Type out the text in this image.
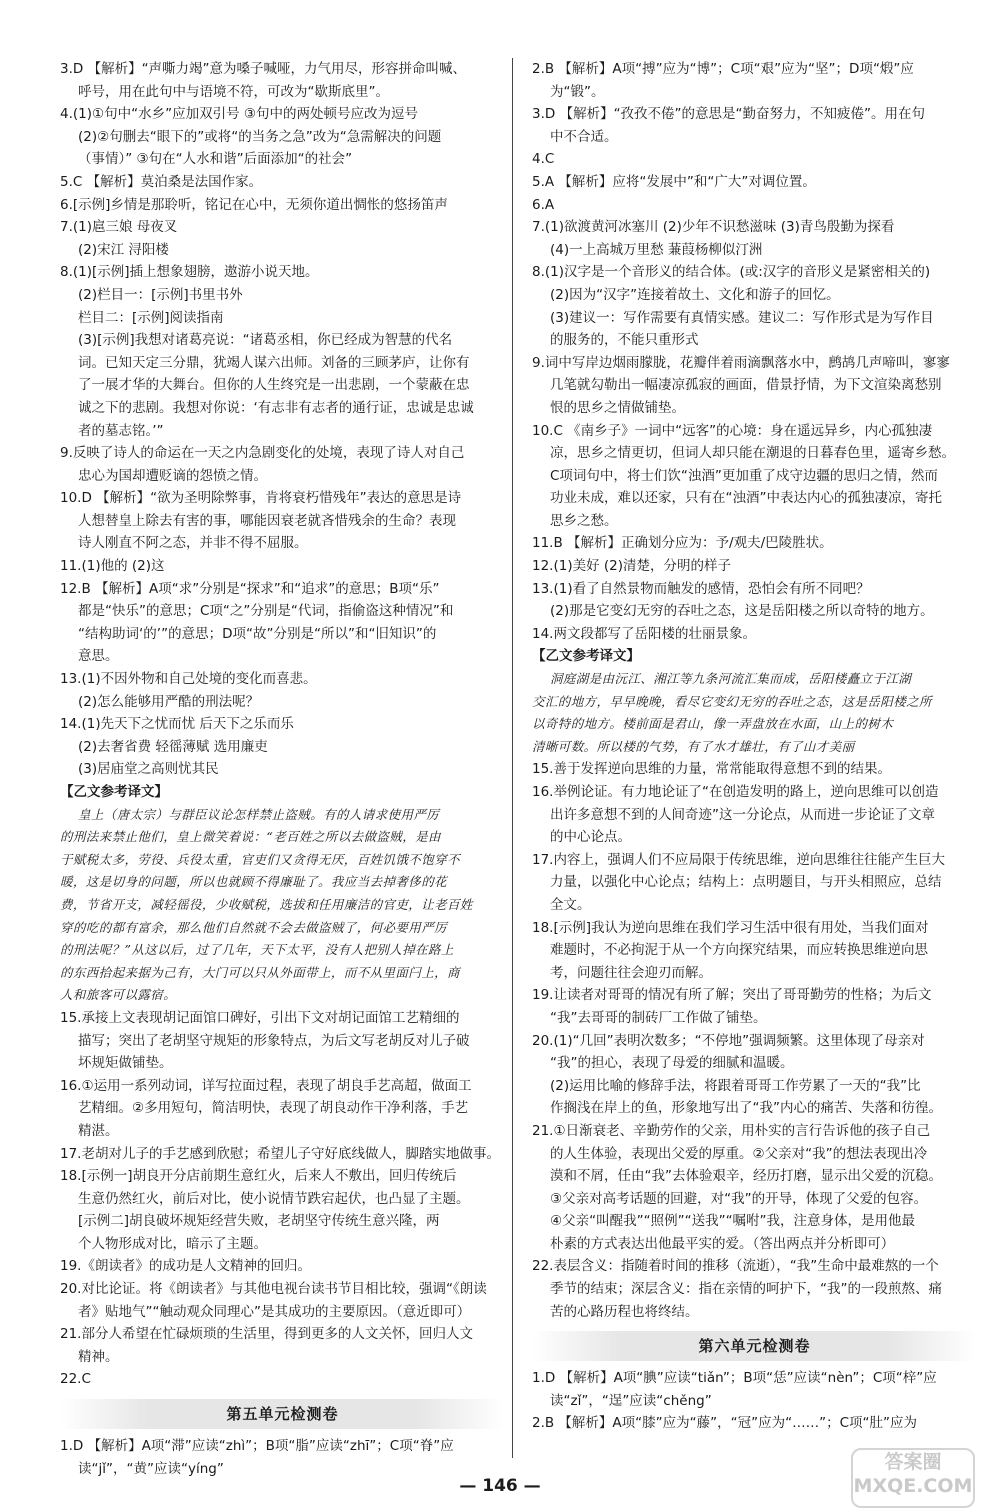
3.D 【解析】“声嘶力竭”意为嗓子喊哑，力气用尽，形容拼命叫喊、
呼号，用在此句中与语境不符，可改为“歇斯底里”。
4.(1)①句中“水乡”应加双引号 ③句中的两处顿号应改为逗号
(2)②句删去“眼下的”或将“的当务之急”改为“急需解决的问题
（事情）” ③句在“人水和谐”后面添加“的社会”
5.C 【解析】莫泊桑是法国作家。
6.[示例]乡情是那聆听，铭记在心中，无须你道出惆怅的悠扬笛声
7.(1)扈三娘 母夜叉
(2)宋江 浔阳楼
8.(1)[示例]插上想象翅膀，遨游小说天地。
(2)栏目一：[示例]书里书外
栏目二：[示例]阅读指南
(3)[示例]我想对诸葛亮说：“诸葛丞相，你已经成为智慧的代名
词。已知天定三分鼎，犹竭人谋六出师。刘备的三顾茅庐，让你有
了一展才华的大舞台。但你的人生终究是一出悲剧，一个蒙蔽在忠
诚之下的悲剧。我想对你说：‘有志非有志者的通行证，忠诚是忠诚
者的墓志铭。’”
9.反映了诗人的命运在一天之内急剧变化的处境，表现了诗人对自己
忠心为国却遭贬谪的怨愤之情。
10.D 【解析】“欲为圣明除弊事，肯将衰朽惜残年”表达的意思是诗
人想替皇上除去有害的事，哪能因衰老就吝惜残余的生命？表现
诗人刚直不阿之态，并非不得不屈服。
11.(1)他的 (2)这
12.B 【解析】A项“求”分别是“探求”和“追求”的意思；B项“乐”
都是“快乐”的意思；C项“之”分别是“代词，指偷盗这种情况”和
“结构助词‘的’”的意思；D项“故”分别是“所以”和“旧知识”的
意思。
13.(1)不因外物和自己处境的变化而喜悲。
(2)怎么能够用严酷的刑法呢？
14.(1)先天下之忧而忧 后天下之乐而乐
(2)去奢省费 轻徭薄赋 选用廉吏
(3)居庙堂之高则忧其民
【乙文参考译文】
皇上（唐太宗）与群臣议论怎样禁止盗贼。有的人请求使用严厉
的刑法来禁止他们，皇上微笑着说：“老百姓之所以去做盗贼，是由
于赋税太多，劳役、兵役太重，官吏们又贪得无厌，百姓饥饿不饱穿不
暖，这是切身的问题，所以也就顾不得廉耻了。我应当去掉奢侈的花
费，节省开支，减轻徭役，少收赋税，选拔和任用廉洁的官吏，让老百姓
穿的吃的都有富余，那么他们自然就不会去做盗贼了，何必要用严厉
的刑法呢？”从这以后，过了几年，天下太平，没有人把别人掉在路上
的东西拾起来据为己有，大门可以只从外面带上，而不从里面闩上，商
人和旅客可以露宿。
15.承接上文表现胡记面馆口碑好，引出下文对胡记面馆工艺精细的
描写；突出了老胡坚守规矩的形象特点，为后文写老胡反对儿子破
坏规矩做铺垫。
16.①运用一系列动词，详写拉面过程，表现了胡良手艺高超，做面工
艺精细。②多用短句，简洁明快，表现了胡良动作干净利落，手艺
精湛。
17.老胡对儿子的手艺感到欣慰；希望儿子守好底线做人，脚踏实地做事。
18.[示例一]胡良开分店前期生意红火，后来人不敷出，回归传统后
生意仍然红火，前后对比，使小说情节跌宕起伏，也凸显了主题。
[示例二]胡良破坏规矩经营失败，老胡坚守传统生意兴隆，两
个人物形成对比，暗示了主题。
19.《朗读者》的成功是人文精神的回归。
20.对比论证。将《朗读者》与其他电视台读书节目相比较，强调“《朗读
者》贴地气”“触动观众同理心”是其成功的主要原因。（意近即可）
21.部分人希望在忙碌烦琐的生活里，得到更多的人文关怀，回归人文
精神。
22.C
第五单元检测卷
1.D 【解析】A项“滞”应读“zhì”；B项“脂”应读“zhī”；C项“脊”应
读“jǐ”，“黄”应读“yíng”
2.B 【解析】A项“搏”应为“博”；C项“艰”应为“坚”；D项“煅”应
为“锻”。
3.D 【解析】“孜孜不倦”的意思是“勤奋努力，不知疲倦”。用在句
中不合适。
4.C
5.A 【解析】应将“发展中”和“广大”对调位置。
6.A
7.(1)欲渡黄河冰塞川 (2)少年不识愁滋味 (3)青鸟殷勤为探看
(4)一上高城万里愁 蒹葭杨柳似汀洲
8.(1)汉字是一个音形义的结合体。(或:汉字的音形义是紧密相关的)
(2)因为“汉字”连接着故土、文化和游子的回忆。
(3)建议一：写作需要有真情实感。建议二：写作形式是为写作目
的服务的，不能只重形式
9.词中写岸边烟雨朦胧，花瓣伴着雨滴飘落水中，鹧鸪几声啼叫，寥寥
几笔就勾勒出一幅凄凉孤寂的画面，借景抒情，为下文渲染离愁别
恨的思乡之情做铺垫。
10.C 《南乡子》一词中“远客”的心境：身在遥远异乡，内心孤独凄
凉，思乡之情更切，但词人却只能在潮退的日暮春色里，遥寄乡愁。
C项词句中，将士们饮“浊酒”更加重了戍守边疆的思归之情，然而
功业未成，难以还家，只有在“浊酒”中表达内心的孤独凄凉，寄托
思乡之愁。
11.B 【解析】正确划分应为：予/观夫/巴陵胜状。
12.(1)美好 (2)清楚，分明的样子
13.(1)看了自然景物而触发的感情，恐怕会有所不同吧？
(2)那是它变幻无穷的吞吐之态，这是岳阳楼之所以奇特的地方。
14.两文段都写了岳阳楼的壮丽景象。
【乙文参考译文】
洞庭湖是由沅江、湘江等九条河流汇集而成，岳阳楼矗立于江湖
交汇的地方，早早晚晚，看尽它变幻无穷的吞吐之态，这是岳阳楼之所
以奇特的地方。楼前面是君山，像一弄盘放在水面，山上的树木
清晰可数。所以楼的气势，有了水才雄壮，有了山才美丽
15.善于发挥逆向思维的力量，常常能取得意想不到的结果。
16.举例论证。有力地论证了“在创造发明的路上，逆向思维可以创造
出许多意想不到的人间奇迹”这一分论点，从而进一步论证了文章
的中心论点。
17.内容上，强调人们不应局限于传统思维，逆向思维往往能产生巨大
力量，以强化中心论点；结构上：点明题目，与开头相照应，总结
全文。
18.[示例]我认为逆向思维在我们学习生活中很有用处，当我们面对
难题时，不必拘泥于从一个方向探究结果，而应转换思维逆向思
考，问题往往会迎刃而解。
19.让读者对哥哥的情况有所了解；突出了哥哥勤劳的性格；为后文
“我”去哥哥的制砖厂工作做了铺垫。
20.(1)“几回”表明次数多；“不停地”强调频繁。这里体现了母亲对
“我”的担心，表现了母爱的细腻和温暖。
(2)运用比喻的修辞手法，将跟着哥哥工作劳累了一天的“我”比
作搁浅在岸上的鱼，形象地写出了“我”内心的痛苦、失落和彷徨。
21.①日渐衰老、辛勤劳作的父亲，用朴实的言行告诉他的孩子自己
的人生体验，表现出父爱的厚重。②父亲对“我”的想法表现出冷
漠和不屑，任由“我”去体验艰辛，经历打磨，显示出父爱的沉稳。
③父亲对高考话题的回避，对“我”的开导，体现了父爱的包容。
④父亲“叫醒我”“照例”“送我”“嘱咐”我，注意身体，是用他最
朴素的方式表达出他最平实的爱。（答出两点并分析即可）
22.表层含义：指随着时间的推移（流逝），“我”生命中最难熬的一个
季节的结束；深层含义：指在亲情的呵护下，“我”的一段煎熬、痛
苦的心路历程也将终结。
第六单元检测卷
1.D 【解析】A项“腆”应读“tiǎn”；B项“恁”应读“nèn”；C项“梓”应
读“zǐ”，“逞”应读“chěng”
2.B 【解析】A项“膝”应为“藤”，“冠”应为“……”；C项“肚”应为
— 146 —
答案圈
MXQE.COM
